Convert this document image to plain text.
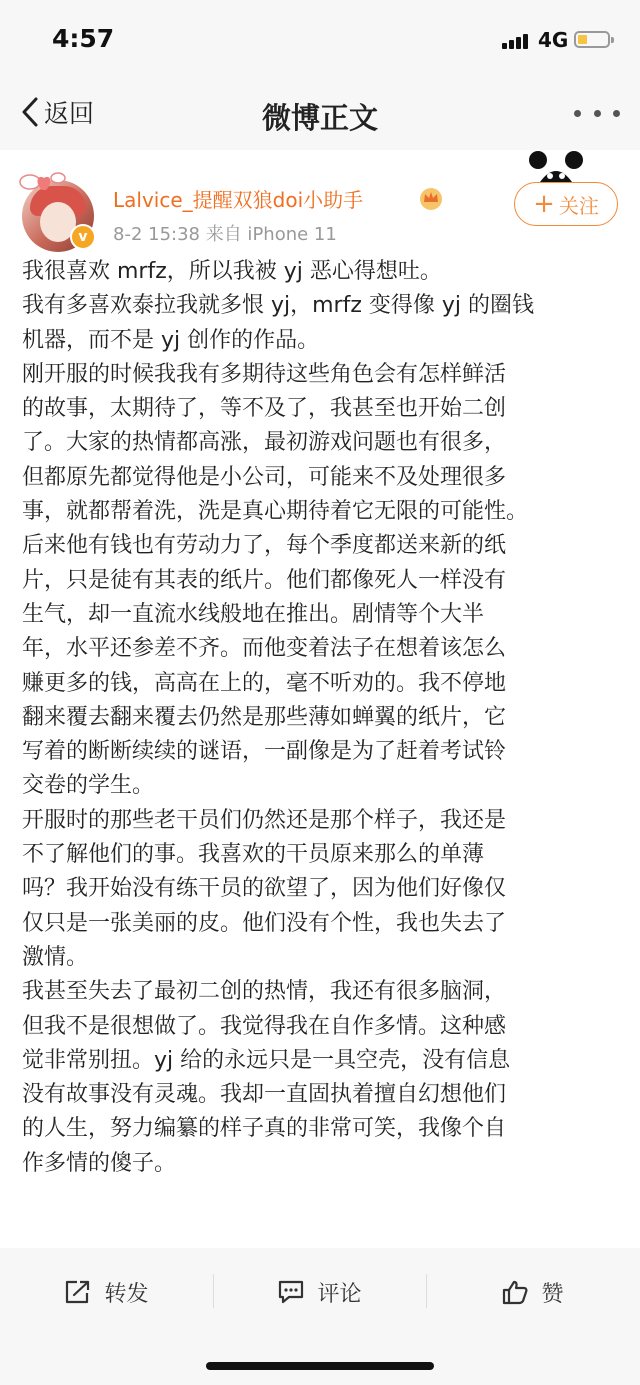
4:57	4G
返回	微博正文
v
Lalvice_提醒双狼doi小助手
8-2 15:38 来自 iPhone 11
+ 关注

我很喜欢 mrfz，所以我被 yj 恶心得想吐。

我有多喜欢泰拉我就多恨 yj，mrfz 变得像 yj 的圈钱

机器，而不是 yj 创作的作品。

刚开服的时候我我有多期待这些角色会有怎样鲜活

的故事，太期待了，等不及了，我甚至也开始二创

了。大家的热情都高涨，最初游戏问题也有很多，

但都原先都觉得他是小公司，可能来不及处理很多

事，就都帮着洗，洗是真心期待着它无限的可能性。

后来他有钱也有劳动力了，每个季度都送来新的纸

片，只是徒有其表的纸片。他们都像死人一样没有

生气，却一直流水线般地在推出。剧情等个大半

年，水平还参差不齐。而他变着法子在想着该怎么

赚更多的钱，高高在上的，毫不听劝的。我不停地

翻来覆去翻来覆去仍然是那些薄如蝉翼的纸片，它

写着的断断续续的谜语，一副像是为了赶着考试铃

交卷的学生。

开服时的那些老干员们仍然还是那个样子，我还是

不了解他们的事。我喜欢的干员原来那么的单薄

吗？我开始没有练干员的欲望了，因为他们好像仅

仅只是一张美丽的皮。他们没有个性，我也失去了

激情。

我甚至失去了最初二创的热情，我还有很多脑洞，

但我不是很想做了。我觉得我在自作多情。这种感

觉非常别扭。yj 给的永远只是一具空壳，没有信息

没有故事没有灵魂。我却一直固执着擅自幻想他们

的人生，努力编纂的样子真的非常可笑，我像个自

作多情的傻子。

转发	评论	赞
